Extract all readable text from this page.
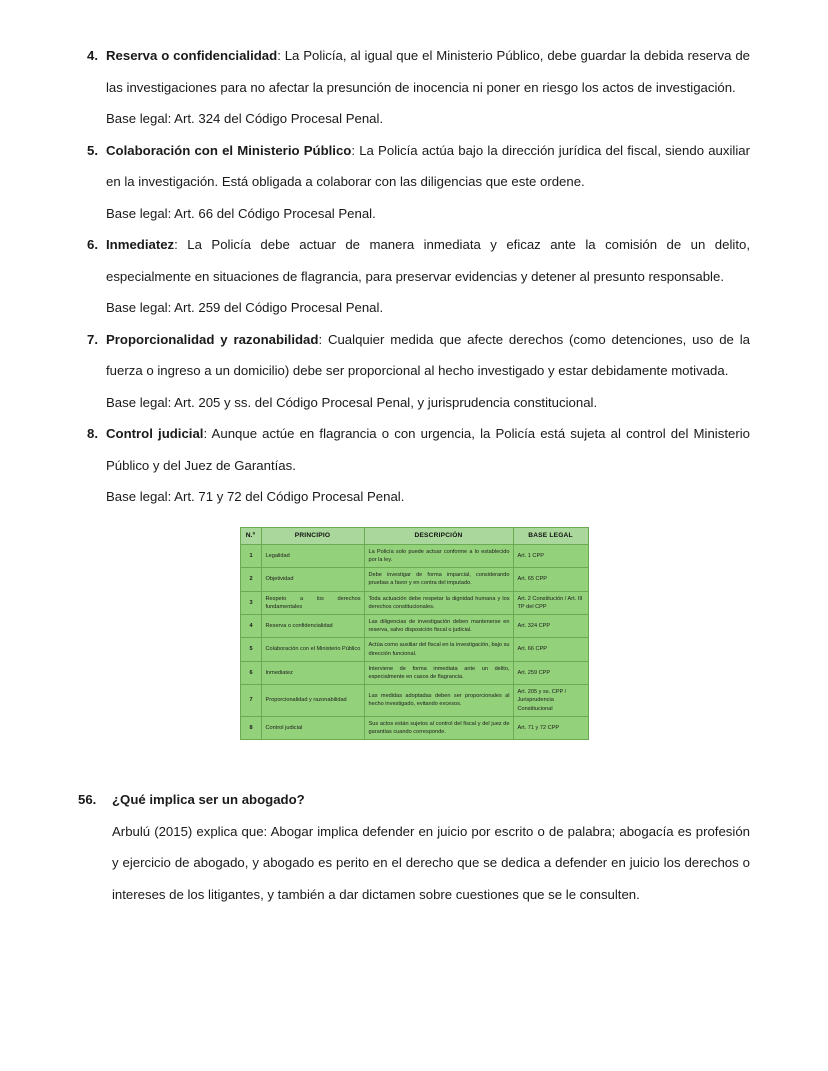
4. Reserva o confidencialidad: La Policía, al igual que el Ministerio Público, debe guardar la debida reserva de las investigaciones para no afectar la presunción de inocencia ni poner en riesgo los actos de investigación.
Base legal: Art. 324 del Código Procesal Penal.
5. Colaboración con el Ministerio Público: La Policía actúa bajo la dirección jurídica del fiscal, siendo auxiliar en la investigación. Está obligada a colaborar con las diligencias que este ordene.
Base legal: Art. 66 del Código Procesal Penal.
6. Inmediatez: La Policía debe actuar de manera inmediata y eficaz ante la comisión de un delito, especialmente en situaciones de flagrancia, para preservar evidencias y detener al presunto responsable.
Base legal: Art. 259 del Código Procesal Penal.
7. Proporcionalidad y razonabilidad: Cualquier medida que afecte derechos (como detenciones, uso de la fuerza o ingreso a un domicilio) debe ser proporcional al hecho investigado y estar debidamente motivada.
Base legal: Art. 205 y ss. del Código Procesal Penal, y jurisprudencia constitucional.
8. Control judicial: Aunque actúe en flagrancia o con urgencia, la Policía está sujeta al control del Ministerio Público y del Juez de Garantías.
Base legal: Art. 71 y 72 del Código Procesal Penal.
N.º	PRINCIPIO	DESCRIPCIÓN	BASE LEGAL
1	Legalidad	La Policía solo puede actuar conforme a lo establecido por la ley.	Art. 1 CPP
2	Objetividad	Debe investigar de forma imparcial, considerando pruebas a favor y en contra del imputado.	Art. 65 CPP
3	Respeto a los derechos fundamentales	Toda actuación debe respetar la dignidad humana y los derechos constitucionales.	Art. 2 Constitución / Art. III TP del CPP
4	Reserva o confidencialidad	Las diligencias de investigación deben mantenerse en reserva, salvo disposición fiscal o judicial.	Art. 324 CPP
5	Colaboración con el Ministerio Público	Actúa como auxiliar del fiscal en la investigación, bajo su dirección funcional.	Art. 66 CPP
6	Inmediatez	Interviene de forma inmediata ante un delito, especialmente en casos de flagrancia.	Art. 259 CPP
7	Proporcionalidad y razonabilidad	Las medidas adoptadas deben ser proporcionales al hecho investigado, evitando excesos.	Art. 205 y ss. CPP / Jurisprudencia Constitucional
8	Control judicial	Sus actos están sujetos al control del fiscal y del juez de garantías cuando corresponde.	Art. 71 y 72 CPP
56.	¿Qué implica ser un abogado?
Arbulú (2015) explica que: Abogar implica defender en juicio por escrito o de palabra; abogacía es profesión y ejercicio de abogado, y abogado es perito en el derecho que se dedica a defender en juicio los derechos o intereses de los litigantes, y también a dar dictamen sobre cuestiones que se le consulten.
